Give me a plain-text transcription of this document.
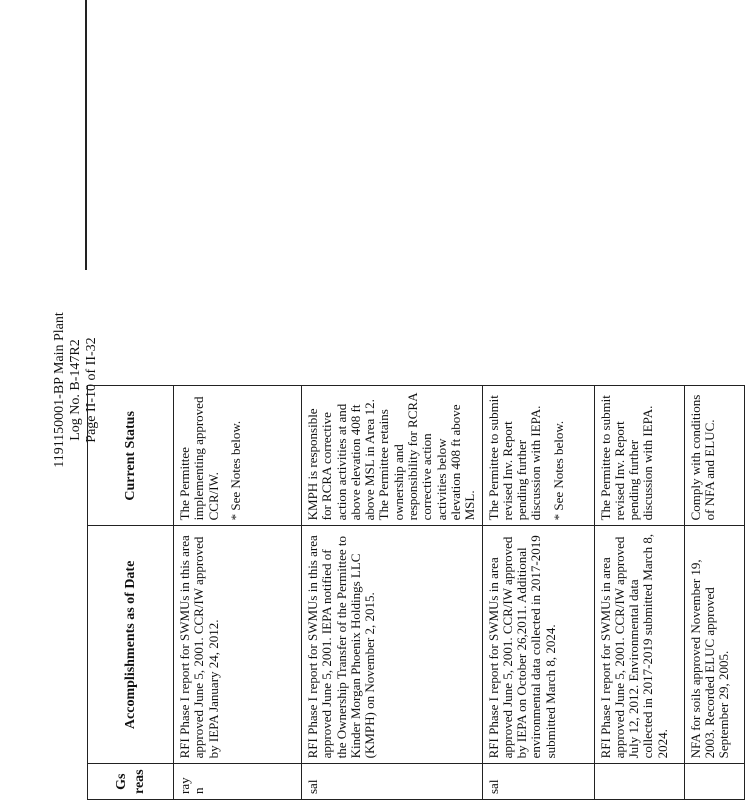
1191150001-BP Main Plant Log No. B-147R2 Page II-10 of II-32
Gs
reas	Accomplishments as of Date	Current Status
ray
n	RFI Phase I report for SWMUs in this area approved June 5, 2001. CCR/IW approved by IEPA January 24, 2012.	The Permittee implementing approved CCR/IW. * See Notes below.

sal	RFI Phase I report for SWMUs in this area approved June 5, 2001. IEPA notified of the Ownership Transfer of the Permittee to Kinder Morgan Phoenix Holdings LLC (KMPH) on November 2, 2015.	KMPH is responsible for RCRA corrective action activities at and above elevation 408 ft above MSL in Area 12. The Permittee retains ownership and responsibility for RCRA corrective action activities below elevation 408 ft above MSL.
sal	RFI Phase I report for SWMUs in area approved June 5, 2001. CCR/IW approved by IEPA on October 26,2011. Additional environmental data collected in 2017-2019 submitted March 8, 2024.	The Permittee to submit revised Inv. Report pending further discussion with IEPA. * See Notes below.

	RFI Phase I report for SWMUs in area approved June 5, 2001. CCR/IW approved July 12, 2012. Environmental data collected in 2017-2019 submitted March 8, 2024.	The Permittee to submit revised Inv. Report pending further discussion with IEPA.
	NFA for soils approved November 19, 2003. Recorded ELUC approved September 29, 2005.	Comply with conditions of NFA and ELUC.
